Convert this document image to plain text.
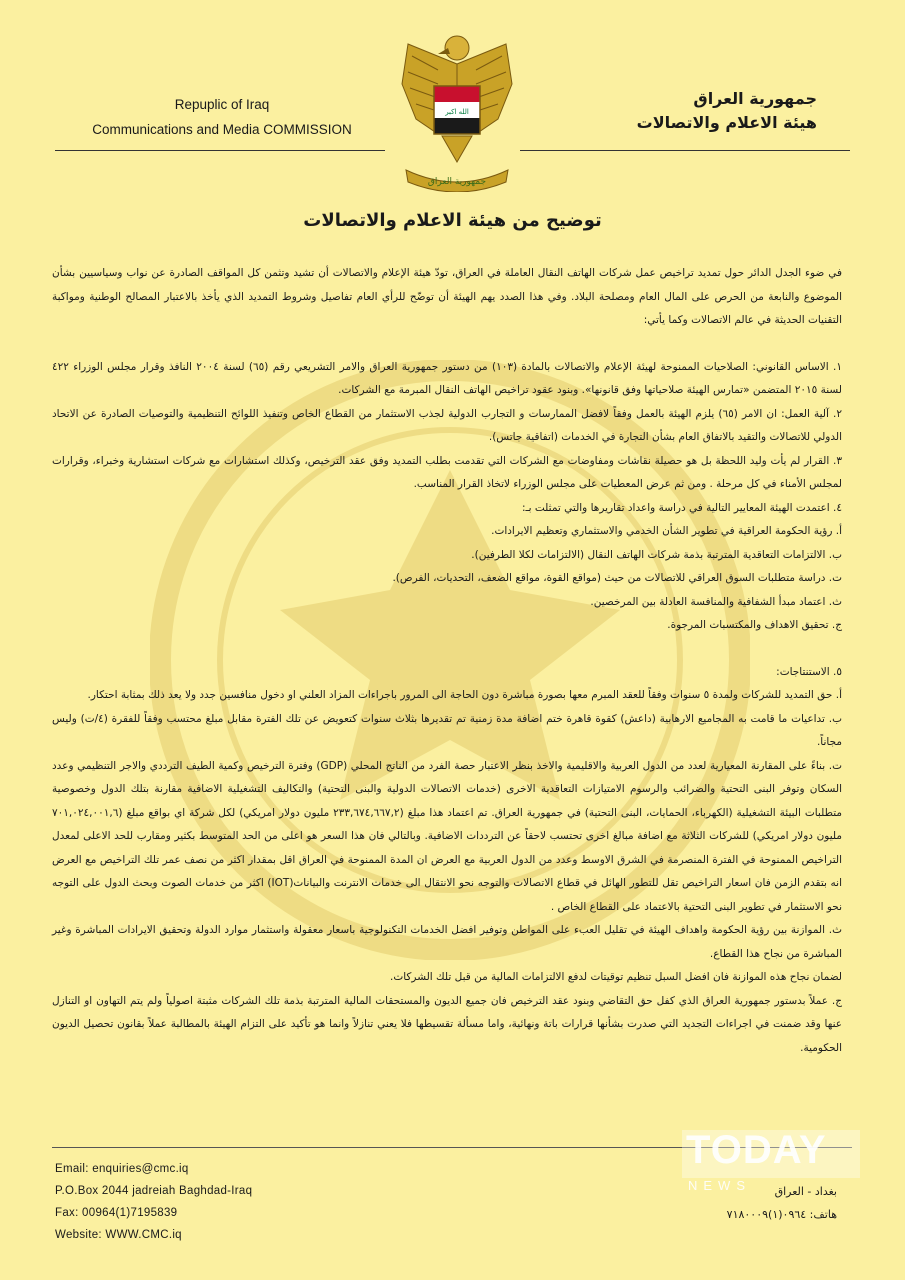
Repuplic of Iraq
Communications and Media COMMISSION
جمهورية العراق
هيئة الاعلام والاتصالات
الله اكبر
جمهورية العراق
توضيح من هيئة الاعلام والاتصالات

في ضوء الجدل الدائر حول تمديد تراخيص عمل شركات الهاتف النقال العاملة في العراق، تودّ هيئة الإعلام والاتصالات أن تشيد وتثمن كل المواقف الصادرة عن نواب وسياسيين بشأن الموضوع والنابعة من الحرص على المال العام ومصلحة البلاد. وفي هذا الصدد يهم الهيئة أن توضّح للرأي العام تفاصيل وشروط التمديد الذي يأخذ بالاعتبار المصالح الوطنية ومواكبة التقنيات الحديثة في عالم الاتصالات وكما يأتي:

١. الاساس القانوني: الصلاحيات الممنوحة لهيئة الإعلام والاتصالات بالمادة (١٠٣) من دستور جمهورية العراق والامر التشريعي رقم (٦٥) لسنة ٢٠٠٤ النافذ وقرار مجلس الوزراء ٤٢٢ لسنة ٢٠١٥ المتضمن «تمارس الهيئة صلاحياتها وفق قانونها». وبنود عقود تراخيص الهاتف النقال المبرمة مع الشركات.

٢. آلية العمل: ان الامر (٦٥) يلزم الهيئة بالعمل وفقاً لافضل الممارسات و التجارب الدولية لجذب الاستثمار من القطاع الخاص وتنفيذ اللوائح التنظيمية والتوصيات الصادرة عن الاتحاد الدولي للاتصالات والتقيد بالاتفاق العام بشأن التجارة في الخدمات (اتفاقية جاتس).

٣. القرار لم يأت وليد اللحظة بل هو حصيلة نقاشات ومفاوضات مع الشركات التي تقدمت بطلب التمديد وفق عقد الترخيص، وكذلك استشارات مع شركات استشارية وخبراء، وقرارات لمجلس الأمناء في كل مرحلة . ومن ثم عرض المعطيات على مجلس الوزراء لاتخاذ القرار المناسب.

٤. اعتمدت الهيئة المعايير التالية في دراسة واعداد تقاريرها والتي تمثلت بـ:

أ. رؤية الحكومة العراقية في تطوير الشأن الخدمي والاستثماري وتعظيم الايرادات.

ب. الالتزامات التعاقدية المترتبة بذمة شركات الهاتف النقال (الالتزامات لكلا الطرفين).

ت. دراسة متطلبات السوق العراقي للاتصالات من حيث (مواقع القوة، مواقع الضعف، التحديات، الفرص).

ث. اعتماد مبدأ الشفافية والمنافسة العادلة بين المرخصين.

ج. تحقيق الاهداف والمكتسبات المرجوة.

٥. الاستنتاجات:

أ. حق التمديد للشركات ولمدة ٥ سنوات وفقاً للعقد المبرم معها بصورة مباشرة دون الحاجة الى المرور باجراءات المزاد العلني او دخول منافسين جدد ولا يعد ذلك بمثابة احتكار.

ب. تداعيات ما قامت به المجاميع الارهابية (داعش) كقوة قاهرة ختم اضافة مدة زمنية تم تقديرها بثلاث سنوات كتعويض عن تلك الفترة مقابل مبلغ محتسب وفقاً للفقرة (٤/ت) وليس مجاناً.

ت. بناءً على المقارنة المعيارية لعدد من الدول العربية والاقليمية والاخذ بنظر الاعتبار حصة الفرد من الناتج المحلي (GDP) وفترة الترخيص وكمية الطيف الترددي والاجر التنظيمي وعدد السكان وتوفر البنى التحتية والضرائب والرسوم الامتيازات التعاقدية الاخرى (خدمات الاتصالات الدولية والبنى التحتية) والتكاليف التشغيلية الاضافية مقارنة بتلك الدول وخصوصية متطلبات البيئة التشغيلية (الكهرباء، الحمايات، البنى التحتية) في جمهورية العراق. تم اعتماد هذا مبلغ (٢٣٣,٦٧٤,٦٦٧,٢ مليون دولار امريكي) لكل شركة اي بواقع مبلغ (٧٠١,٠٢٤,٠٠١,٦ مليون دولار امريكي) للشركات الثلاثة مع اضافة مبالغ اخرى تحتسب لاحقاً عن الترددات الاضافية. وبالتالي فان هذا السعر هو اعلى من الحد المتوسط بكثير ومقارب للحد الاعلى لمعدل التراخيص الممنوحة في الفترة المنصرمة في الشرق الاوسط وعدد من الدول العربية مع العرض ان المدة الممنوحة في العراق اقل بمقدار اكثر من نصف عمر تلك التراخيص مع العرض انه بتقدم الزمن فان اسعار التراخيص تقل للتطور الهائل في قطاع الاتصالات والتوجه نحو الانتقال الى خدمات الانترنت والبيانات(IOT) اكثر من خدمات الصوت وبحث الدول على التوجه نحو الاستثمار في تطوير البنى التحتية بالاعتماد على القطاع الخاص .

ث. الموازنة بين رؤية الحكومة واهداف الهيئة في تقليل العبء على المواطن وتوفير افضل الخدمات التكنولوجية باسعار معقولة واستثمار موارد الدولة وتحقيق الايرادات المباشرة وغير المباشرة من نجاح هذا القطاع.

لضمان نجاح هذه الموازنة فان افضل السبل تنظيم توقيتات لدفع الالتزامات المالية من قبل تلك الشركات.

ج. عملاً بدستور جمهورية العراق الذي كفل حق التقاضي وبنود عقد الترخيص فان جميع الديون والمستحقات المالية المترتبة بذمة تلك الشركات مثبتة اصولياً ولم يتم التهاون او التنازل عنها وقد ضمنت في اجراءات التجديد التي صدرت بشأنها قرارات باتة ونهائية، واما مسألة تقسيطها فلا يعني تنازلاً وانما هو تأكيد على التزام الهيئة بالمطالبة عملاً بقانون تحصيل الديون الحكومية.

Email: enquiries@cmc.iq
P.O.Box 2044 jadreiah Baghdad-Iraq
Fax: 00964(1)7195839
Website: WWW.CMC.iq
بغداد - العراق
هاتف: ٠٩٦٤(١)٧١٨٠٠٠٩
TODAY
NEWS
